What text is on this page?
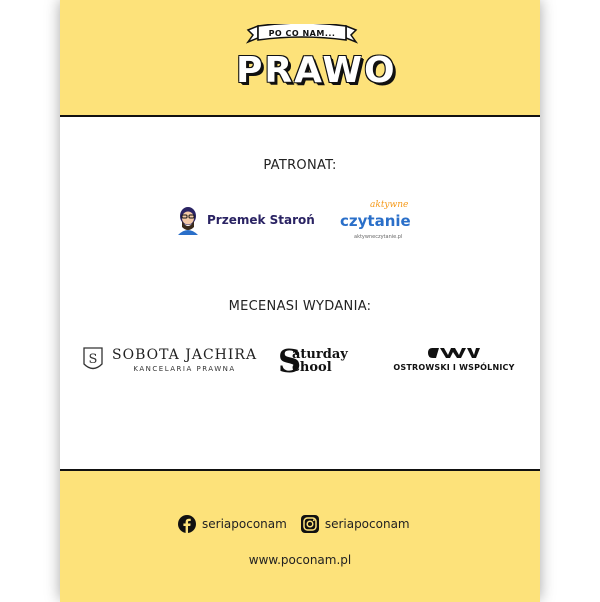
PO CO NAM...
PRAWO
PATRONAT:
Przemek Staroń
aktywne
czytanie
aktywneczytanie.pl
MECENASI WYDANIA:
S SOBOTA JACHIRA
KANCELARIA PRAWNA	S
aturday
chool	OSTROWSKI I WSPÓLNICY
seriapoconam	seriapoconam
www.poconam.pl
